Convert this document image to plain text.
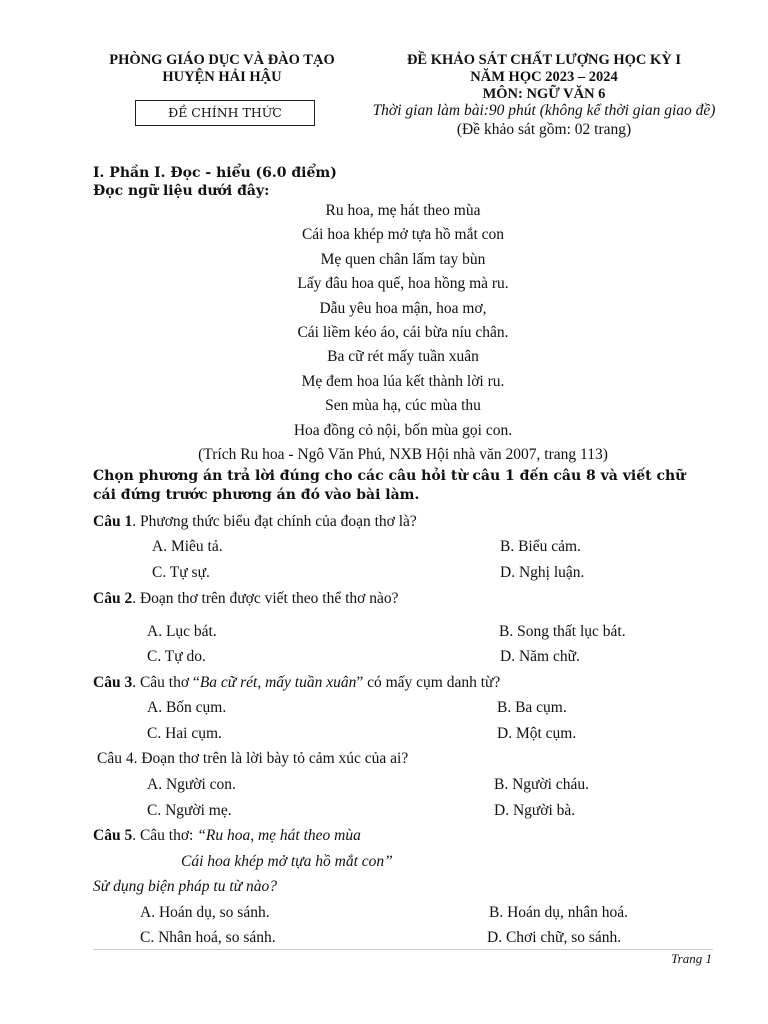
PHÒNG GIÁO DỤC VÀ ĐÀO TẠO
HUYỆN HẢI HẬU
ĐỀ CHÍNH THỨC
ĐỀ KHẢO SÁT CHẤT LƯỢNG HỌC KỲ I
NĂM HỌC 2023 – 2024
MÔN: NGỮ VĂN 6
Thời gian làm bài:90 phút (không kể thời gian giao đề)
(Đề khảo sát gồm: 02 trang)
I. Phần I. Đọc - hiểu (6.0 điểm)
Đọc ngữ liệu dưới đây:
Ru hoa, mẹ hát theo mùa
Cái hoa khép mở tựa hồ mắt con
Mẹ quen chân lấm tay bùn
Lấy đâu hoa quế, hoa hồng mà ru.
Dẫu yêu hoa mận, hoa mơ,
Cái liềm kéo áo, cái bừa níu chân.
Ba cữ rét mấy tuần xuân
Mẹ đem hoa lúa kết thành lời ru.
Sen mùa hạ, cúc mùa thu
Hoa đồng cỏ nội, bốn mùa gọi con.
(Trích Ru hoa - Ngô Văn Phú, NXB Hội nhà văn 2007, trang 113)
Chọn phương án trả lời đúng cho các câu hỏi từ câu 1 đến câu 8 và viết chữ cái đứng trước phương án đó vào bài làm.
Câu 1. Phương thức biểu đạt chính của đoạn thơ là?
A. Miêu tả.	B. Biểu cảm.
C. Tự sự.	D. Nghị luận.
Câu 2. Đoạn thơ trên được viết theo thể thơ nào?
A. Lục bát.	B. Song thất lục bát.
C. Tự do.	D. Năm chữ.
Câu 3. Câu thơ “Ba cữ rét, mấy tuần xuân” có mấy cụm danh từ?
A. Bốn cụm.	B. Ba cụm.
C. Hai cụm.	D. Một cụm.
Câu 4. Đoạn thơ trên là lời bày tỏ cảm xúc của ai?
A. Người con.	B. Người cháu.
C. Người mẹ.	D. Người bà.
Câu 5. Câu thơ: “Ru hoa, mẹ hát theo mùa
Cái hoa khép mở tựa hồ mắt con”
Sử dụng biện pháp tu từ nào?
A. Hoán dụ, so sánh.	B. Hoán dụ, nhân hoá.
C. Nhân hoá, so sánh.	D. Chơi chữ, so sánh.
Trang 1
